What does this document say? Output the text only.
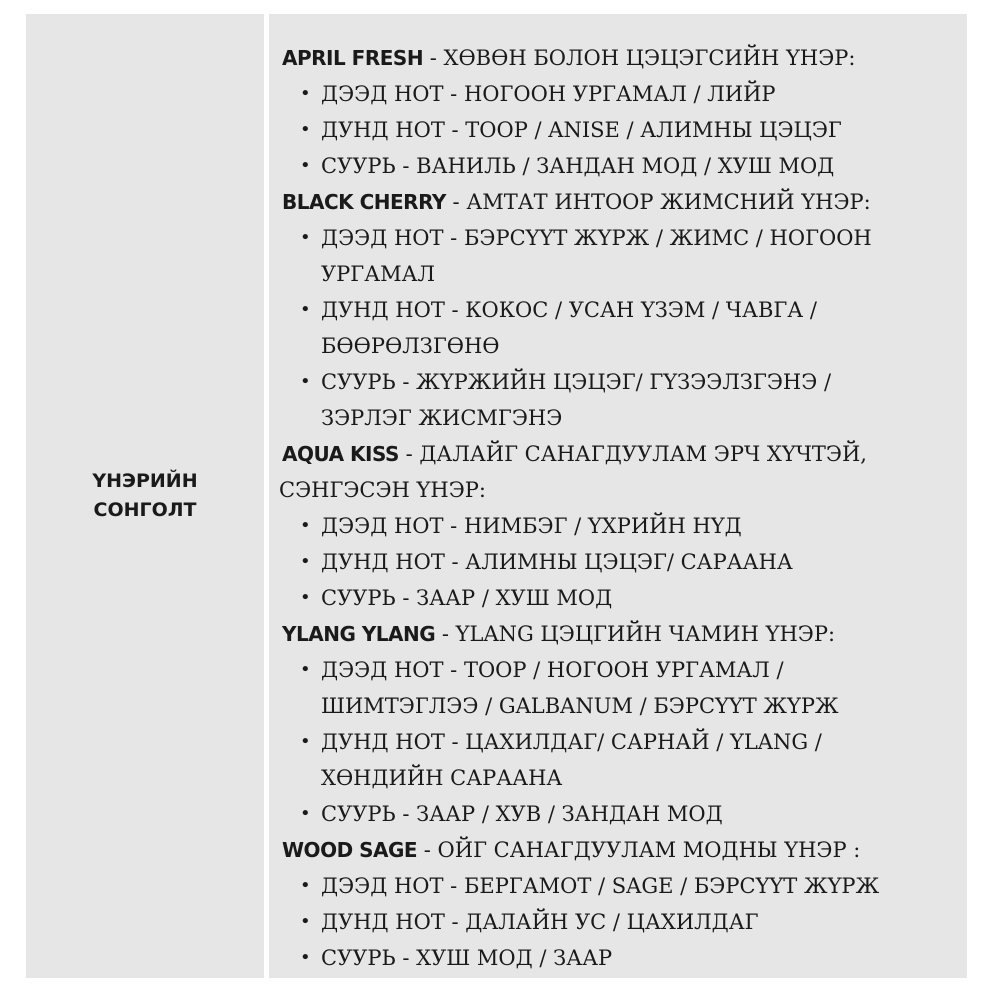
ҮНЭРИЙН
СОНГОЛТ
APRIL FRESH - ХӨВӨН БОЛОН ЦЭЦЭГСИЙН ҮНЭР:
• ДЭЭД НОТ - НОГООН УРГАМАЛ / ЛИЙР
• ДУНД НОТ - ТООР / ANISE / АЛИМНЫ ЦЭЦЭГ
• СУУРЬ - ВАНИЛЬ / ЗАНДАН МОД / ХУШ МОД
BLACK CHERRY - АМТАТ ИНТООР ЖИМСНИЙ ҮНЭР:
• ДЭЭД НОТ - БЭРСҮҮТ ЖҮРЖ / ЖИМС / НОГООН
УРГАМАЛ
• ДУНД НОТ - КОКОС / УСАН ҮЗЭМ / ЧАВГА /
БӨӨРӨЛЗГӨНӨ
• СУУРЬ - ЖҮРЖИЙН ЦЭЦЭГ/ ГҮЗЭЭЛЗГЭНЭ /
ЗЭРЛЭГ ЖИСМГЭНЭ
AQUA KISS - ДАЛАЙГ САНАГДУУЛАМ ЭРЧ ХҮЧТЭЙ,
СЭНГЭСЭН ҮНЭР:
• ДЭЭД НОТ - НИМБЭГ / ҮХРИЙН НҮД
• ДУНД НОТ - АЛИМНЫ ЦЭЦЭГ/ САРААНА
• СУУРЬ - ЗААР / ХУШ МОД
YLANG YLANG - YLANG ЦЭЦГИЙН ЧАМИН ҮНЭР:
• ДЭЭД НОТ - ТООР / НОГООН УРГАМАЛ /
ШИМТЭГЛЭЭ / GALBANUM / БЭРСҮҮТ ЖҮРЖ
• ДУНД НОТ - ЦАХИЛДАГ/ САРНАЙ / YLANG /
ХӨНДИЙН САРААНА
• СУУРЬ - ЗААР / ХУВ / ЗАНДАН МОД
WOOD SAGE - ОЙГ САНАГДУУЛАМ МОДНЫ ҮНЭР :
• ДЭЭД НОТ - БЕРГАМОТ / SAGE / БЭРСҮҮТ ЖҮРЖ
• ДУНД НОТ - ДАЛАЙН УС / ЦАХИЛДАГ
• СУУРЬ - ХУШ МОД / ЗААР
